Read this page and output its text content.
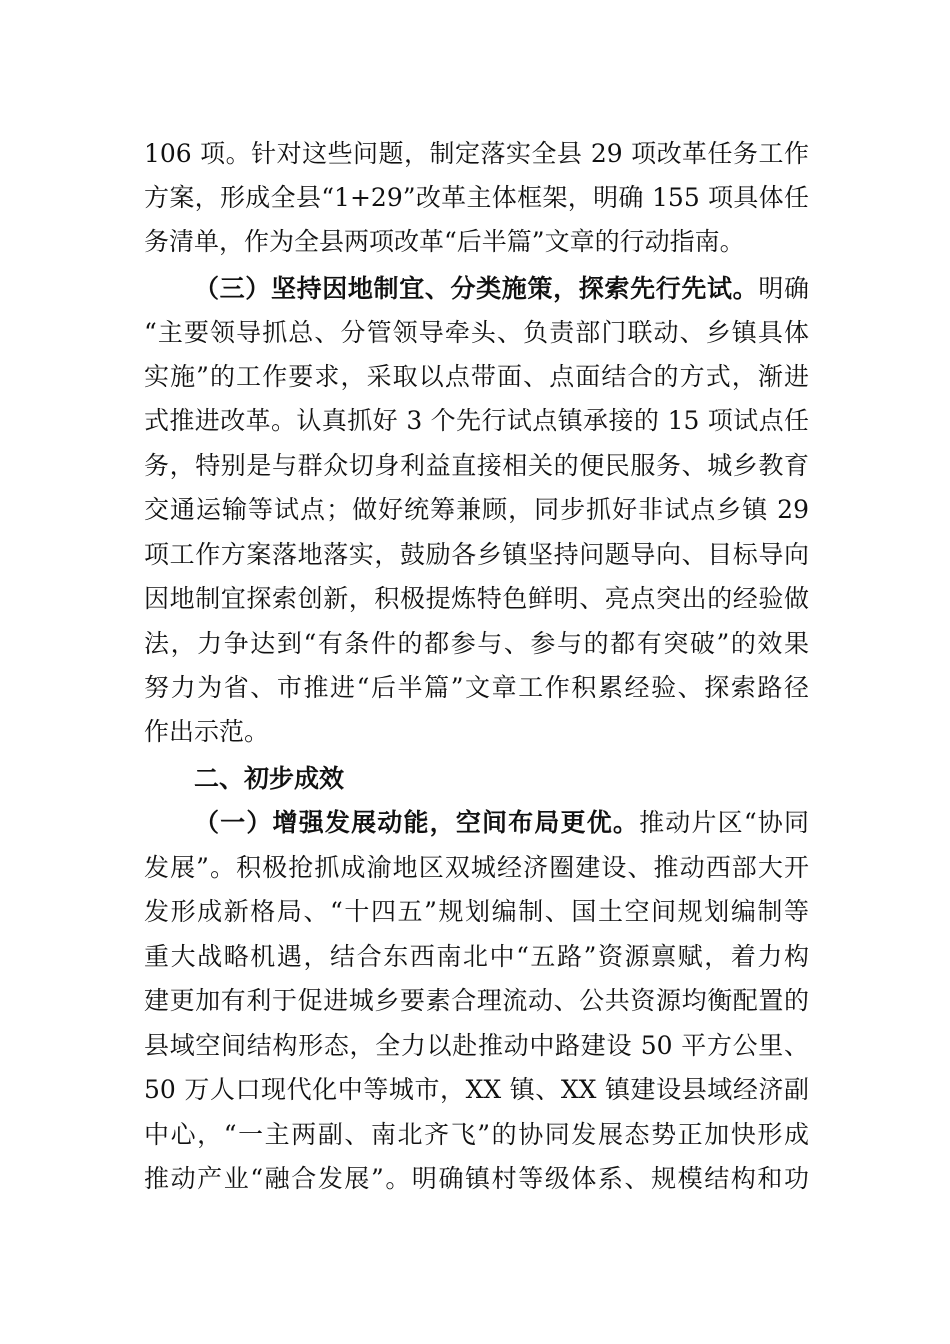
106 项。针对这些问题，制定落实全县 29 项改革任务工作
方案，形成全县“1+29”改革主体框架，明确 155 项具体任
务清单，作为全县两项改革“后半篇”文章的行动指南。
（三）坚持因地制宜、分类施策，探索先行先试。明确
“主要领导抓总、分管领导牵头、负责部门联动、乡镇具体
实施”的工作要求，采取以点带面、点面结合的方式，渐进
式推进改革。认真抓好 3 个先行试点镇承接的 15 项试点任
务，特别是与群众切身利益直接相关的便民服务、城乡教育
交通运输等试点；做好统筹兼顾，同步抓好非试点乡镇 29
项工作方案落地落实，鼓励各乡镇坚持问题导向、目标导向
因地制宜探索创新，积极提炼特色鲜明、亮点突出的经验做
法，力争达到“有条件的都参与、参与的都有突破”的效果
努力为省、市推进“后半篇”文章工作积累经验、探索路径
作出示范。
二、初步成效
（一）增强发展动能，空间布局更优。推动片区“协同
发展”。积极抢抓成渝地区双城经济圈建设、推动西部大开
发形成新格局、“十四五”规划编制、国土空间规划编制等
重大战略机遇，结合东西南北中“五路”资源禀赋，着力构
建更加有利于促进城乡要素合理流动、公共资源均衡配置的
县域空间结构形态，全力以赴推动中路建设 50 平方公里、
50 万人口现代化中等城市，XX 镇、XX 镇建设县域经济副
中心，“一主两副、南北齐飞”的协同发展态势正加快形成
推动产业“融合发展”。明确镇村等级体系、规模结构和功
